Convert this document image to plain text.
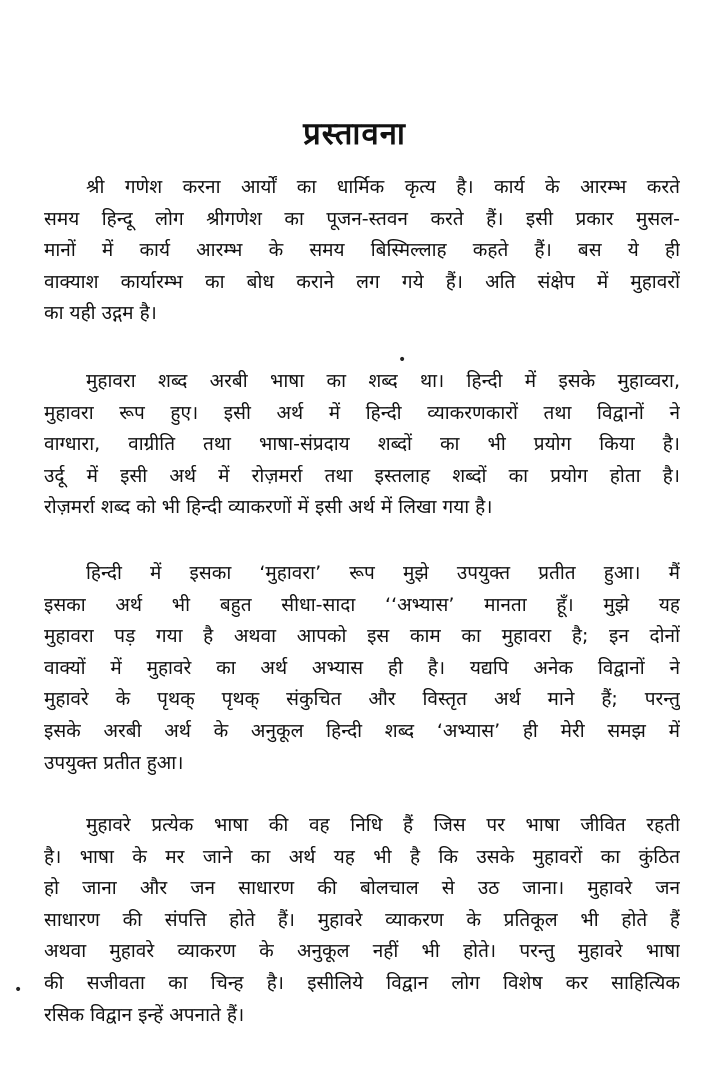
प्रस्तावना
श्री गणेश करना आर्यों का धार्मिक कृत्य है। कार्य के आरम्भ करते
समय हिन्दू लोग श्रीगणेश का पूजन-स्तवन करते हैं। इसी प्रकार मुसल-
मानों में कार्य आरम्भ के समय बिस्मिल्लाह कहते हैं। बस ये ही
वाक्याश कार्यारम्भ का बोध कराने लग गये हैं। अति संक्षेप में मुहावरों
का यही उद्गम है।
मुहावरा शब्द अरबी भाषा का शब्द था। हिन्दी में इसके मुहाव्वरा,
मुहावरा रूप हुए। इसी अर्थ में हिन्दी व्याकरणकारों तथा विद्वानों ने
वाग्धारा, वाग्रीति तथा भाषा-संप्रदाय शब्दों का भी प्रयोग किया है।
उर्दू में इसी अर्थ में रोज़मर्रा तथा इस्तलाह शब्दों का प्रयोग होता है।
रोज़मर्रा शब्द को भी हिन्दी व्याकरणों में इसी अर्थ में लिखा गया है।
हिन्दी में इसका ‘मुहावरा’ रूप मुझे उपयुक्त प्रतीत हुआ। मैं
इसका अर्थ भी बहुत सीधा-सादा ‘‘अभ्यास’ मानता हूँ। मुझे यह
मुहावरा पड़ गया है अथवा आपको इस काम का मुहावरा है; इन दोनों
वाक्यों में मुहावरे का अर्थ अभ्यास ही है। यद्यपि अनेक विद्वानों ने
मुहावरे के पृथक् पृथक् संकुचित और विस्तृत अर्थ माने हैं; परन्तु
इसके अरबी अर्थ के अनुकूल हिन्दी शब्द ‘अभ्यास’ ही मेरी समझ में
उपयुक्त प्रतीत हुआ।
मुहावरे प्रत्येक भाषा की वह निधि हैं जिस पर भाषा जीवित रहती
है। भाषा के मर जाने का अर्थ यह भी है कि उसके मुहावरों का कुंठित
हो जाना और जन साधारण की बोलचाल से उठ जाना। मुहावरे जन
साधारण की संपत्ति होते हैं। मुहावरे व्याकरण के प्रतिकूल भी होते हैं
अथवा मुहावरे व्याकरण के अनुकूल नहीं भी होते। परन्तु मुहावरे भाषा
की सजीवता का चिन्ह है। इसीलिये विद्वान लोग विशेष कर साहित्यिक
रसिक विद्वान इन्हें अपनाते हैं।
•
•
